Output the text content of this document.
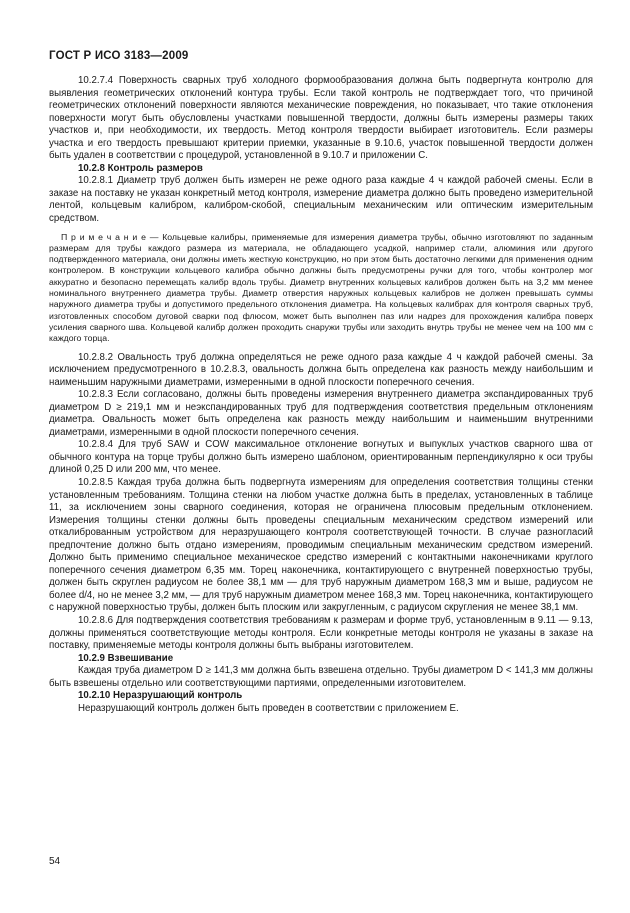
ГОСТ Р ИСО 3183—2009

10.2.7.4 Поверхность сварных труб холодного формообразования должна быть подвергнута контролю для выявления геометрических отклонений контура трубы. Если такой контроль не подтверждает того, что причиной геометрических отклонений поверхности являются механические повреждения, но показывает, что такие отклонения поверхности могут быть обусловлены участками повышенной твердости, должны быть измерены размеры таких участков и, при необходимости, их твердость. Метод контроля твердости выбирает изготовитель. Если размеры участка и его твердость превышают критерии приемки, указанные в 9.10.6, участок повышенной твердости должен быть удален в соответствии с процедурой, установленной в 9.10.7 и приложении С.

10.2.8 Контроль размеров

10.2.8.1 Диаметр труб должен быть измерен не реже одного раза каждые 4 ч каждой рабочей смены. Если в заказе на поставку не указан конкретный метод контроля, измерение диаметра должно быть проведено измерительной лентой, кольцевым калибром, калибром-скобой, специальным механическим или оптическим измерительным средством.

П р и м е ч а н и е — Кольцевые калибры, применяемые для измерения диаметра трубы, обычно изготовляют по заданным размерам для трубы каждого размера из материала, не обладающего усадкой, например стали, алюминия или другого подтвержденного материала, они должны иметь жесткую конструкцию, но при этом быть достаточно легкими для применения одним контролером. В конструкции кольцевого калибра обычно должны быть предусмотрены ручки для того, чтобы контролер мог аккуратно и безопасно перемещать калибр вдоль трубы. Диаметр внутренних кольцевых калибров должен быть на 3,2 мм менее номинального внутреннего диаметра трубы. Диаметр отверстия наружных кольцевых калибров не должен превышать суммы наружного диаметра трубы и допустимого предельного отклонения диаметра. На кольцевых калибрах для контроля сварных труб, изготовленных способом дуговой сварки под флюсом, может быть выполнен паз или надрез для прохождения калибра поверх усиления сварного шва. Кольцевой калибр должен проходить снаружи трубы или заходить внутрь трубы не менее чем на 100 мм с каждого торца.

10.2.8.2 Овальность труб должна определяться не реже одного раза каждые 4 ч каждой рабочей смены. За исключением предусмотренного в 10.2.8.3, овальность должна быть определена как разность между наибольшим и наименьшим наружными диаметрами, измеренными в одной плоскости поперечного сечения.

10.2.8.3 Если согласовано, должны быть проведены измерения внутреннего диаметра экспандированных труб диаметром D ≥ 219,1 мм и неэкспандированных труб для подтверждения соответствия предельным отклонениям диаметра. Овальность может быть определена как разность между наибольшим и наименьшим внутренними диаметрами, измеренными в одной плоскости поперечного сечения.

10.2.8.4 Для труб SAW и COW максимальное отклонение вогнутых и выпуклых участков сварного шва от обычного контура на торце трубы должно быть измерено шаблоном, ориентированным перпендикулярно к оси трубы длиной 0,25 D или 200 мм, что менее.

10.2.8.5 Каждая труба должна быть подвергнута измерениям для определения соответствия толщины стенки установленным требованиям. Толщина стенки на любом участке должна быть в пределах, установленных в таблице 11, за исключением зоны сварного соединения, которая не ограничена плюсовым предельным отклонением. Измерения толщины стенки должны быть проведены специальным механическим средством измерений или откалиброванным устройством для неразрушающего контроля соответствующей точности. В случае разногласий предпочтение должно быть отдано измерениям, проводимым специальным механическим средством измерений. Должно быть применимо специальное механическое средство измерений с контактными наконечниками круглого поперечного сечения диаметром 6,35 мм. Торец наконечника, контактирующего с внутренней поверхностью трубы, должен быть скруглен радиусом не более 38,1 мм — для труб наружным диаметром 168,3 мм и выше, радиусом не более d/4, но не менее 3,2 мм, — для труб наружным диаметром менее 168,3 мм. Торец наконечника, контактирующего с наружной поверхностью трубы, должен быть плоским или закругленным, с радиусом скругления не менее 38,1 мм.

10.2.8.6 Для подтверждения соответствия требованиям к размерам и форме труб, установленным в 9.11 — 9.13, должны применяться соответствующие методы контроля. Если конкретные методы контроля не указаны в заказе на поставку, применяемые методы контроля должны быть выбраны изготовителем.

10.2.9 Взвешивание

Каждая труба диаметром D ≥ 141,3 мм должна быть взвешена отдельно. Трубы диаметром D < 141,3 мм должны быть взвешены отдельно или соответствующими партиями, определенными изготовителем.

10.2.10 Неразрушающий контроль

Неразрушающий контроль должен быть проведен в соответствии с приложением Е.

54
